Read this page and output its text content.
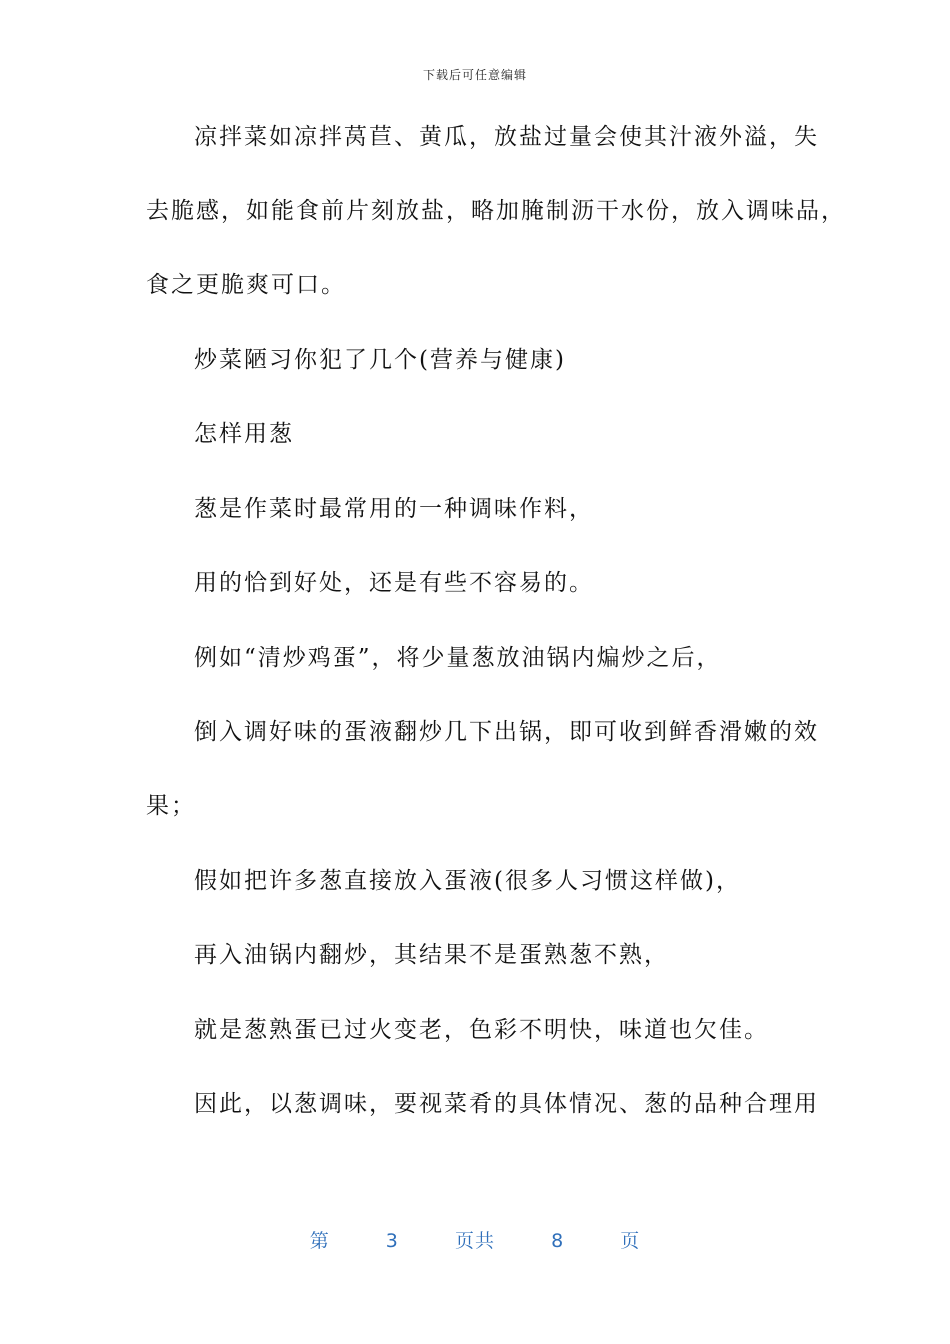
下载后可任意编辑
凉拌菜如凉拌莴苣、黄瓜，放盐过量会使其汁液外溢，失
去脆感，如能食前片刻放盐，略加腌制沥干水份，放入调味品，
食之更脆爽可口。
炒菜陋习你犯了几个(营养与健康)
怎样用葱
葱是作菜时最常用的一种调味作料，
用的恰到好处，还是有些不容易的。
例如“清炒鸡蛋”，将少量葱放油锅内煸炒之后，
倒入调好味的蛋液翻炒几下出锅，即可收到鲜香滑嫩的效
果；
假如把许多葱直接放入蛋液(很多人习惯这样做)，
再入油锅内翻炒，其结果不是蛋熟葱不熟，
就是葱熟蛋已过火变老，色彩不明快，味道也欠佳。
因此，以葱调味，要视菜肴的具体情况、葱的品种合理用
第	3	页共	8	页
